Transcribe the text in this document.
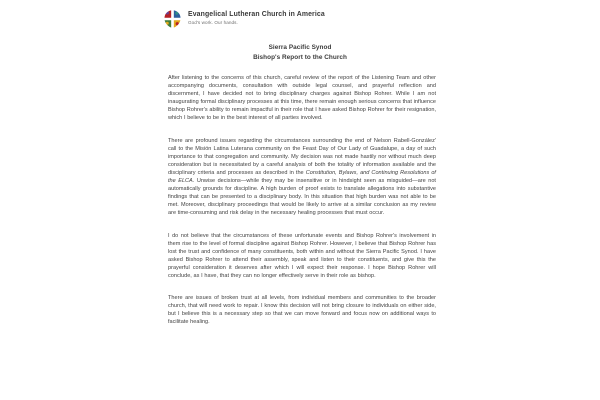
Evangelical Lutheran Church in America
God's work. Our hands.
Sierra Pacific Synod
Bishop's Report to the Church

After listening to the concerns of this church, careful review of the report of the Listening Team and other accompanying documents, consultation with outside legal counsel, and prayerful reflection and discernment, I have decided not to bring disciplinary charges against Bishop Rohrer. While I am not inaugurating formal disciplinary processes at this time, there remain enough serious concerns that influence Bishop Rohrer's ability to remain impactful in their role that I have asked Bishop Rohrer for their resignation, which I believe to be in the best interest of all parties involved.

There are profound issues regarding the circumstances surrounding the end of Nelson Rabell-González' call to the Misión Latina Luterana community on the Feast Day of Our Lady of Guadalupe, a day of such importance to that congregation and community. My decision was not made hastily nor without much deep consideration but is necessitated by a careful analysis of both the totality of information available and the disciplinary criteria and processes as described in the Constitution, Bylaws, and Continuing Resolutions of the ELCA. Unwise decisions—while they may be insensitive or in hindsight seen as misguided—are not automatically grounds for discipline. A high burden of proof exists to translate allegations into substantive findings that can be presented to a disciplinary body. In this situation that high burden was not able to be met. Moreover, disciplinary proceedings that would be likely to arrive at a similar conclusion as my review are time-consuming and risk delay in the necessary healing processes that must occur.

I do not believe that the circumstances of these unfortunate events and Bishop Rohrer's involvement in them rise to the level of formal discipline against Bishop Rohrer. However, I believe that Bishop Rohrer has lost the trust and confidence of many constituents, both within and without the Sierra Pacific Synod. I have asked Bishop Rohrer to attend their assembly, speak and listen to their constituents, and give this the prayerful consideration it deserves after which I will expect their response. I hope Bishop Rohrer will conclude, as I have, that they can no longer effectively serve in their role as bishop.

There are issues of broken trust at all levels, from individual members and communities to the broader church, that will need work to repair. I know this decision will not bring closure to individuals on either side, but I believe this is a necessary step so that we can move forward and focus now on additional ways to facilitate healing.
